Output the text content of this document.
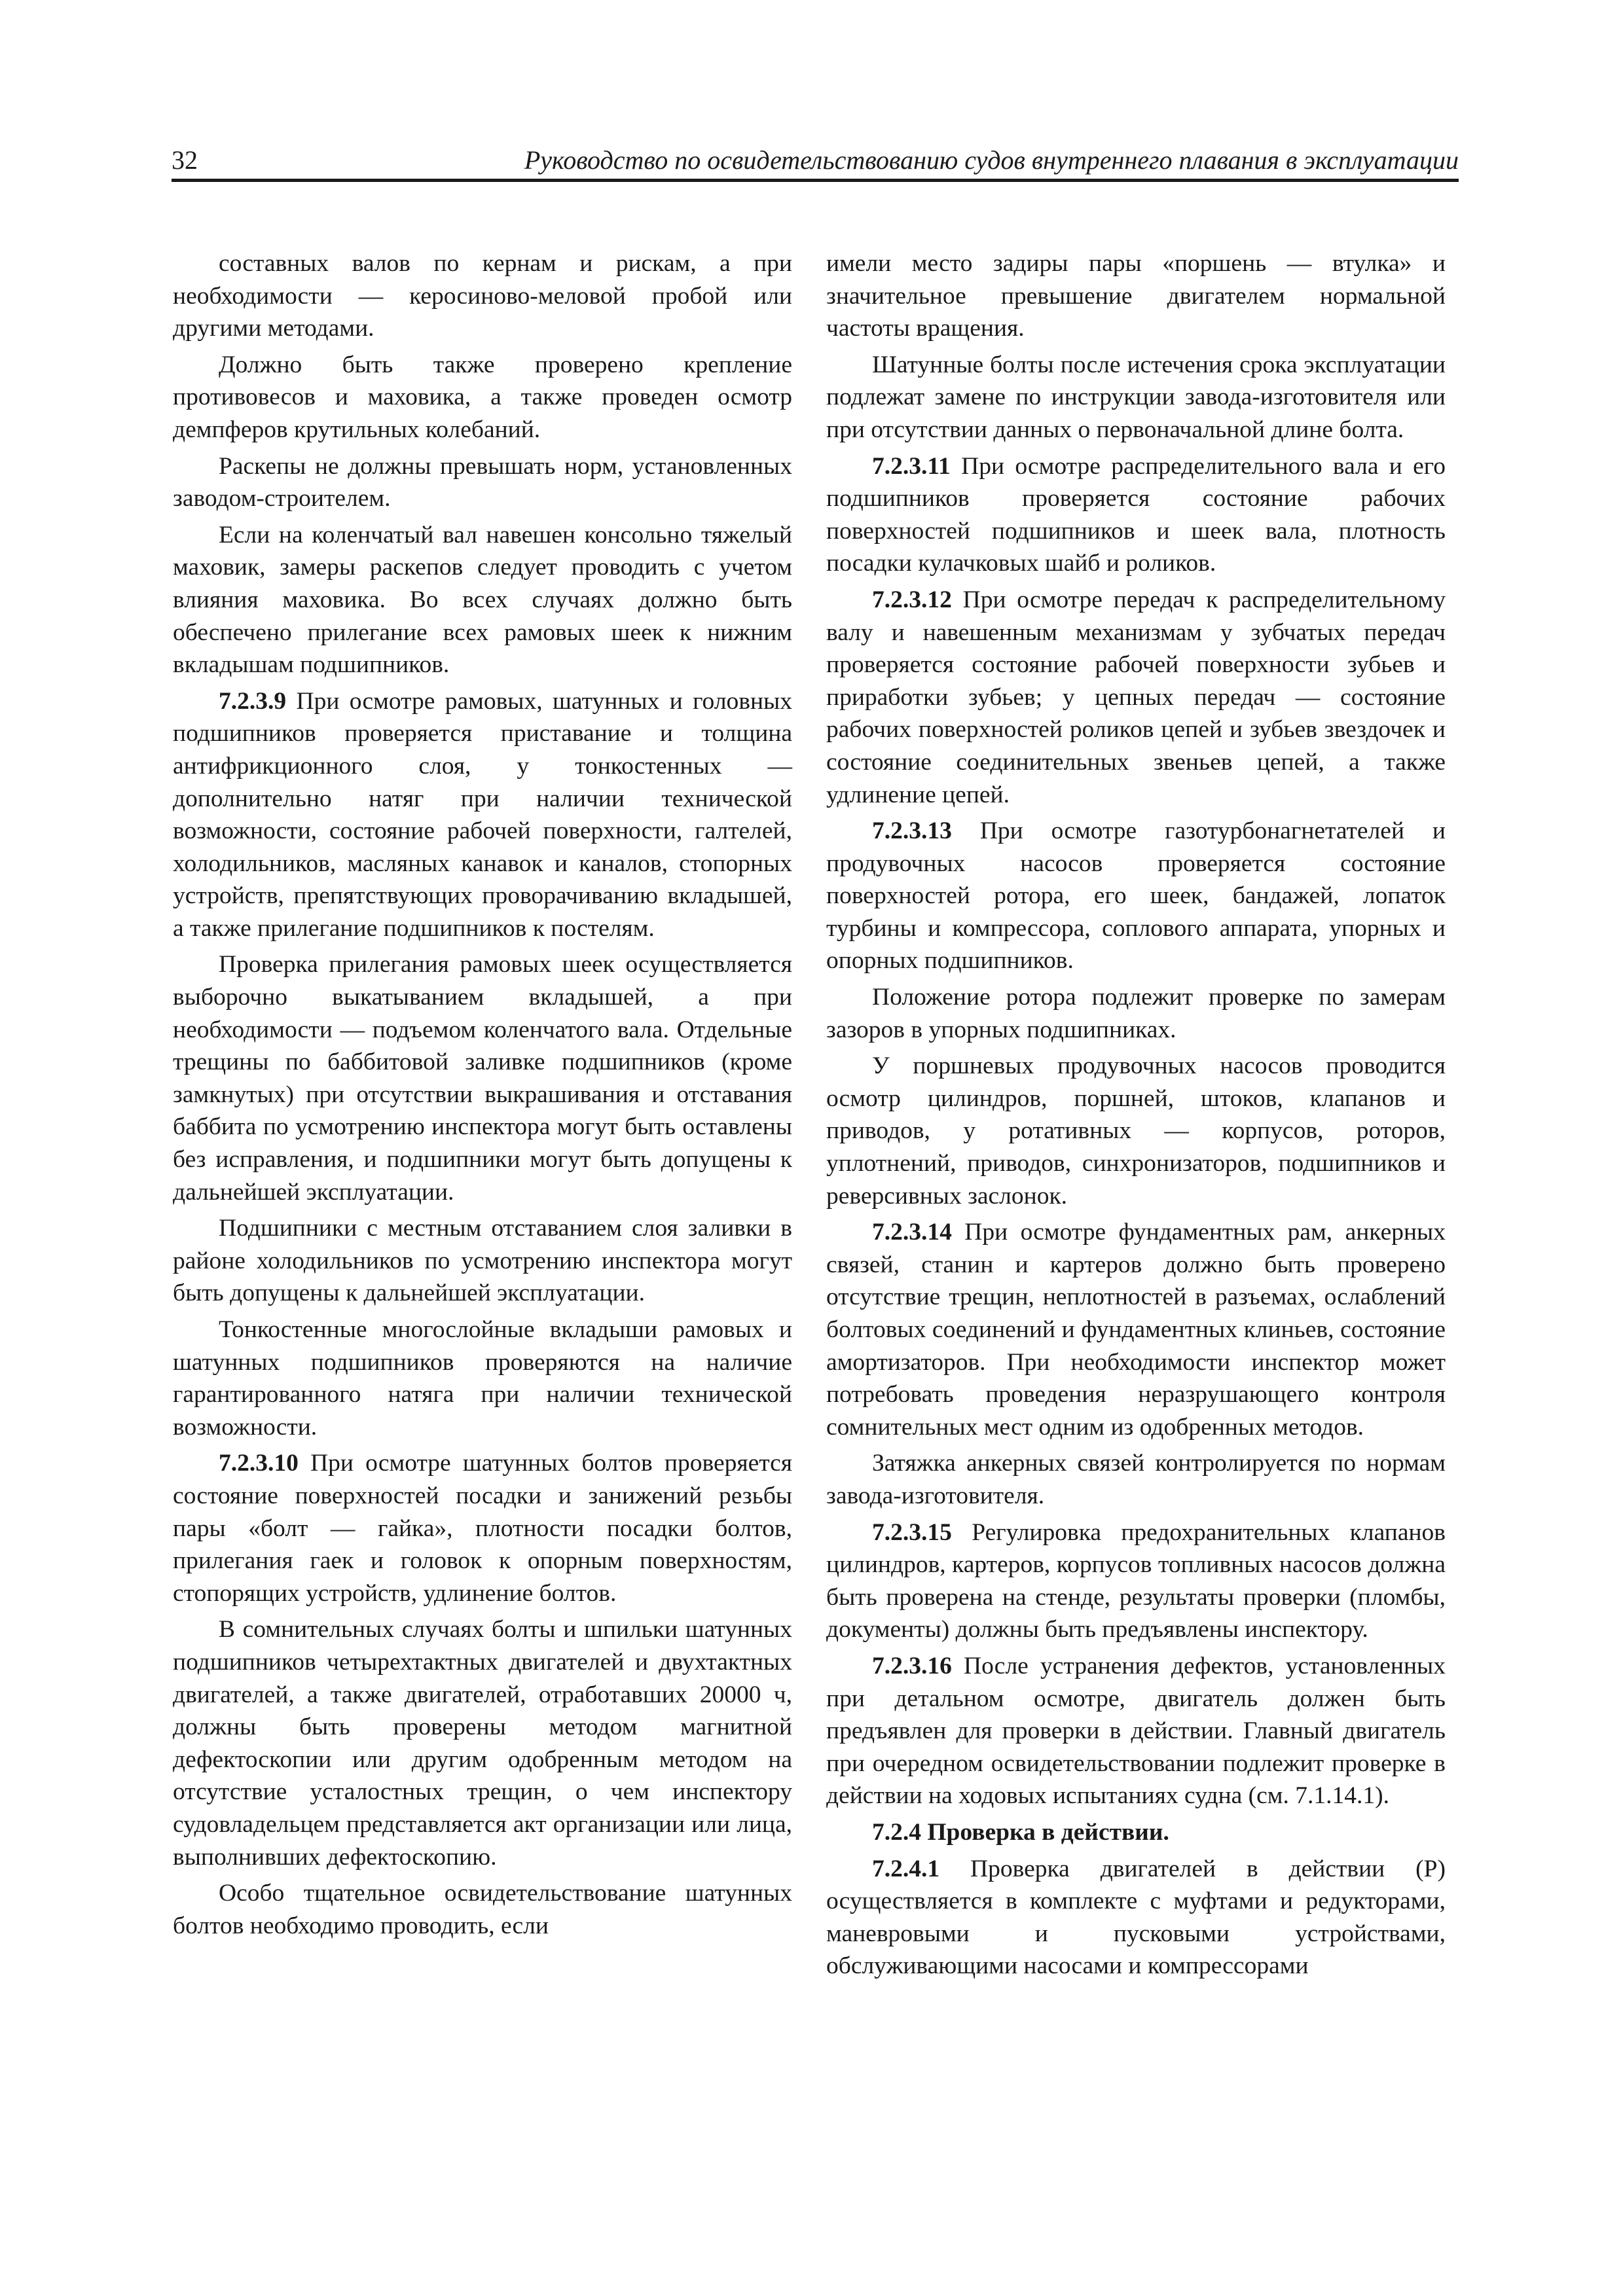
32	Руководство по освидетельствованию судов внутреннего плавания в эксплуатации

составных валов по кернам и рискам, а при необходимости — керосиново-меловой пробой или другими методами.

Должно быть также проверено крепление противовесов и маховика, а также проведен осмотр демпферов крутильных колебаний.

Раскепы не должны превышать норм, установленных заводом-строителем.

Если на коленчатый вал навешен консольно тяжелый маховик, замеры раскепов следует проводить с учетом влияния маховика. Во всех случаях должно быть обеспечено прилегание всех рамовых шеек к нижним вкладышам подшипников.

7.2.3.9 При осмотре рамовых, шатунных и головных подшипников проверяется приставание и толщина антифрикционного слоя, у тонкостенных — дополнительно натяг при наличии технической возможности, состояние рабочей поверхности, галтелей, холодильников, масляных канавок и каналов, стопорных устройств, препятствующих проворачиванию вкладышей, а также прилегание подшипников к постелям.

Проверка прилегания рамовых шеек осуществляется выборочно выкатыванием вкладышей, а при необходимости — подъемом коленчатого вала. Отдельные трещины по баббитовой заливке подшипников (кроме замкнутых) при отсутствии выкрашивания и отставания баббита по усмотрению инспектора могут быть оставлены без исправления, и подшипники могут быть допущены к дальнейшей эксплуатации.

Подшипники с местным отставанием слоя заливки в районе холодильников по усмотрению инспектора могут быть допущены к дальнейшей эксплуатации.

Тонкостенные многослойные вкладыши рамовых и шатунных подшипников проверяются на наличие гарантированного натяга при наличии технической возможности.

7.2.3.10 При осмотре шатунных болтов проверяется состояние поверхностей посадки и занижений резьбы пары «болт — гайка», плотности посадки болтов, прилегания гаек и головок к опорным поверхностям, стопорящих устройств, удлинение болтов.

В сомнительных случаях болты и шпильки шатунных подшипников четырехтактных двигателей и двухтактных двигателей, а также двигателей, отработавших 20000 ч, должны быть проверены методом магнитной дефектоскопии или другим одобренным методом на отсутствие усталостных трещин, о чем инспектору судовладельцем представляется акт организации или лица, выполнивших дефектоскопию.

Особо тщательное освидетельствование шатунных болтов необходимо проводить, если

имели место задиры пары «поршень — втулка» и значительное превышение двигателем нормальной частоты вращения.

Шатунные болты после истечения срока эксплуатации подлежат замене по инструкции завода-изготовителя или при отсутствии данных о первоначальной длине болта.

7.2.3.11 При осмотре распределительного вала и его подшипников проверяется состояние рабочих поверхностей подшипников и шеек вала, плотность посадки кулачковых шайб и роликов.

7.2.3.12 При осмотре передач к распределительному валу и навешенным механизмам у зубчатых передач проверяется состояние рабочей поверхности зубьев и приработки зубьев; у цепных передач — состояние рабочих поверхностей роликов цепей и зубьев звездочек и состояние соединительных звеньев цепей, а также удлинение цепей.

7.2.3.13 При осмотре газотурбонагнетателей и продувочных насосов проверяется состояние поверхностей ротора, его шеек, бандажей, лопаток турбины и компрессора, соплового аппарата, упорных и опорных подшипников.

Положение ротора подлежит проверке по замерам зазоров в упорных подшипниках.

У поршневых продувочных насосов проводится осмотр цилиндров, поршней, штоков, клапанов и приводов, у ротативных — корпусов, роторов, уплотнений, приводов, синхронизаторов, подшипников и реверсивных заслонок.

7.2.3.14 При осмотре фундаментных рам, анкерных связей, станин и картеров должно быть проверено отсутствие трещин, неплотностей в разъемах, ослаблений болтовых соединений и фундаментных клиньев, состояние амортизаторов. При необходимости инспектор может потребовать проведения неразрушающего контроля сомнительных мест одним из одобренных методов.

Затяжка анкерных связей контролируется по нормам завода-изготовителя.

7.2.3.15 Регулировка предохранительных клапанов цилиндров, картеров, корпусов топливных насосов должна быть проверена на стенде, результаты проверки (пломбы, документы) должны быть предъявлены инспектору.

7.2.3.16 После устранения дефектов, установленных при детальном осмотре, двигатель должен быть предъявлен для проверки в действии. Главный двигатель при очередном освидетельствовании подлежит проверке в действии на ходовых испытаниях судна (см. 7.1.14.1).

7.2.4 Проверка в действии.

7.2.4.1 Проверка двигателей в действии (Р) осуществляется в комплекте с муфтами и редукторами, маневровыми и пусковыми устройствами, обслуживающими насосами и компрессорами
